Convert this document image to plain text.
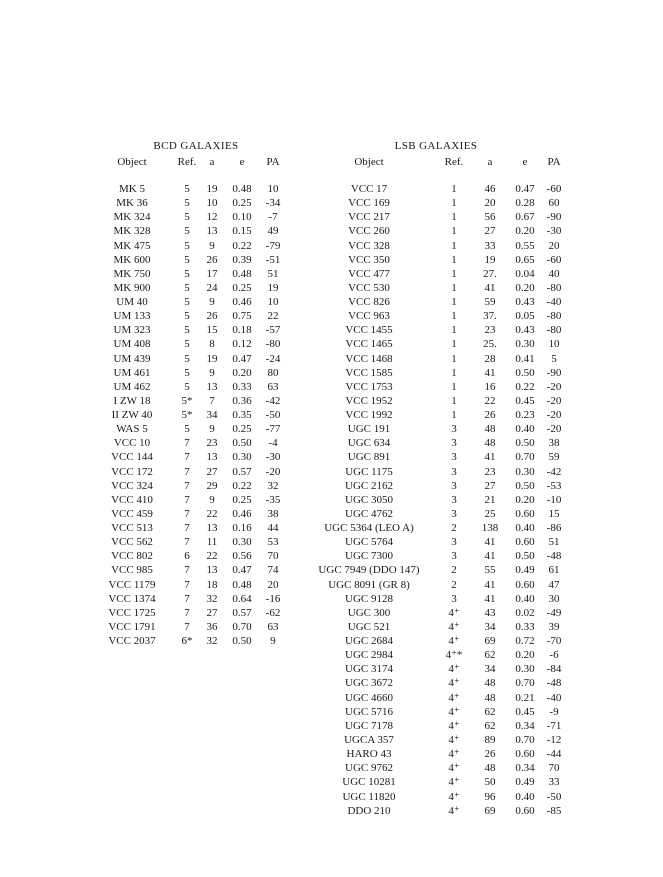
BCD GALAXIES
Object	Ref. a e PA
MK 5	5 19 0.48 10
MK 36	5 10 0.25 -34
MK 324	5 12 0.10 -7
MK 328	5 13 0.15 49
MK 475	5 9 0.22 -79
MK 600	5 26 0.39 -51
MK 750	5 17 0.48 51
MK 900	5 24 0.25 19
UM 40	5 9 0.46 10
UM 133	5 26 0.75 22
UM 323	5 15 0.18 -57
UM 408	5 8 0.12 -80
UM 439	5 19 0.47 -24
UM 461	5 9 0.20 80
UM 462	5 13 0.33 63
I ZW 18	5* 7 0.36 -42
II ZW 40	5* 34 0.35 -50
WAS 5	5 9 0.25 -77
VCC 10	7 23 0.50 -4
VCC 144	7 13 0.30 -30
VCC 172	7 27 0.57 -20
VCC 324	7 29 0.22 32
VCC 410	7 9 0.25 -35
VCC 459	7 22 0.46 38
VCC 513	7 13 0.16 44
VCC 562	7 11 0.30 53
VCC 802	6 22 0.56 70
VCC 985	7 13 0.47 74
VCC 1179	7 18 0.48 20
VCC 1374	7 32 0.64 -16
VCC 1725	7 27 0.57 -62
VCC 1791	7 36 0.70 63
VCC 2037 6* 32 0.50 9
LSB GALAXIES
Object	Ref. a	e PA
VCC 17	1	46 0.47 -60
VCC 169	1	20 0.28 60
VCC 217	1	56 0.67 -90
VCC 260	1	27 0.20 -30
VCC 328	1	33 0.55 20
VCC 350	1	19 0.65 -60
VCC 477	1 27. 0.04 40
VCC 530	1	41 0.20 -80
VCC 826	1	59 0.43 -40
VCC 963	1 37. 0.05 -80
VCC 1455	1	23 0.43 -80
VCC 1465	1 25. 0.30 10
VCC 1468	1	28 0.41 5
VCC 1585	1	41 0.50 -90
VCC 1753	1	16 0.22 -20
VCC 1952	1	22 0.45 -20
VCC 1992	1	26 0.23 -20
UGC 191	3	48 0.40 -20
UGC 634	3	48 0.50 38
UGC 891	3	41 0.70 59
UGC 1175	3	23 0.30 -42
UGC 2162	3	27 0.50 -53
UGC 3050	3	21 0.20 -10
UGC 4762	3	25 0.60 15
UGC 5364 (LEO A)	2 138 0.40 -86
UGC 5764	3	41 0.60 51
UGC 7300	3	41 0.50 -48
UGC 7949 (DDO 147)	2	55 0.49 61
UGC 8091 (GR 8)	2	41 0.60 47
UGC 9128	3	41 0.40 30
UGC 300	4⁺ 43 0.02 -49
UGC 521	4⁺ 34 0.33 39
UGC 2684	4⁺ 69 0.72 -70
UGC 2984	4⁺* 62 0.20 -6
UGC 3174	4⁺ 34 0.30 -84
UGC 3672	4⁺ 48 0.70 -48
UGC 4660	4⁺ 48 0.21 -40
UGC 5716	4⁺ 62 0.45 -9
UGC 7178	4⁺ 62 0.34 -71
UGCA 357	4⁺ 89 0.70 -12
HARO 43	4⁺ 26 0.60 -44
UGC 9762	4⁺ 48 0.34 70
UGC 10281	4⁺ 50 0.49 33
UGC 11820	4⁺ 96 0.40 -50
DDO 210	4⁺ 69 0.60 -85
